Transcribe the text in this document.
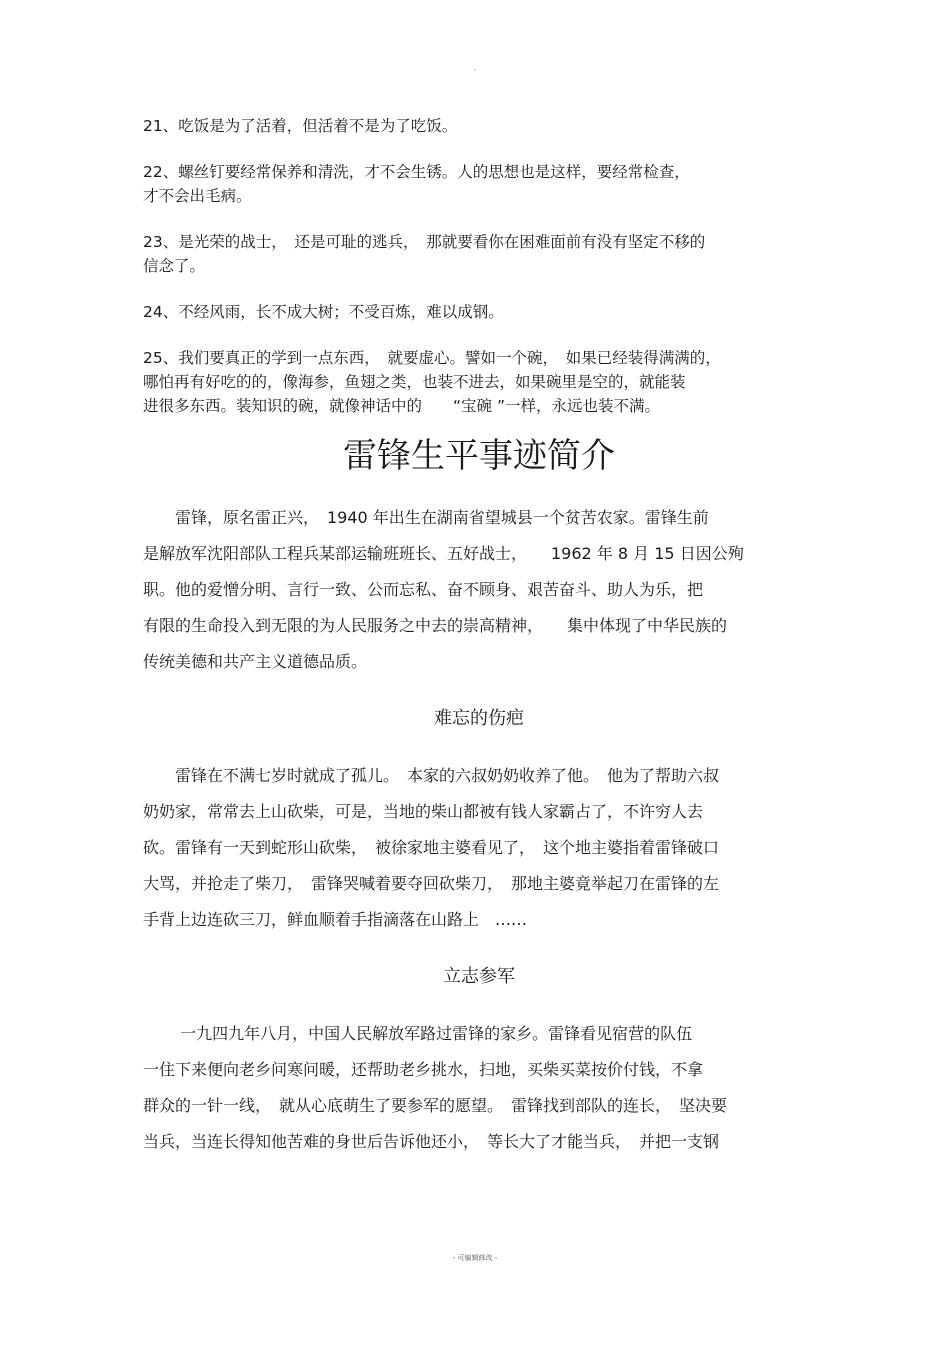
-
21、吃饭是为了活着，但活着不是为了吃饭。
22、螺丝钉要经常保养和清洗，才不会生锈。人的思想也是这样，要经常检查，
才不会出毛病。
23、是光荣的战士，　还是可耻的逃兵，　那就要看你在困难面前有没有坚定不移的
信念了。
24、不经风雨，长不成大树；不受百炼，难以成钢。
25、我们要真正的学到一点东西，　就要虚心。譬如一个碗，　如果已经装得满满的，
哪怕再有好吃的的，像海参，鱼翅之类，也装不进去，如果碗里是空的，就能装
进很多东西。装知识的碗，就像神话中的　　“宝碗 ”一样，永远也装不满。
雷锋生平事迹简介
　　雷锋，原名雷正兴，　1940 年出生在湖南省望城县一个贫苦农家。雷锋生前
是解放军沈阳部队工程兵某部运输班班长、五好战士，　　1962 年 8 月 15 日因公殉
职。他的爱憎分明、言行一致、公而忘私、奋不顾身、艰苦奋斗、助人为乐，把
有限的生命投入到无限的为人民服务之中去的崇高精神，　　集中体现了中华民族的
传统美德和共产主义道德品质。
难忘的伤疤
　　雷锋在不满七岁时就成了孤儿。　本家的六叔奶奶收养了他。　他为了帮助六叔
奶奶家，常常去上山砍柴，可是，当地的柴山都被有钱人家霸占了，不许穷人去
砍。雷锋有一天到蛇形山砍柴，　被徐家地主婆看见了，　这个地主婆指着雷锋破口
大骂，并抢走了柴刀，　雷锋哭喊着要夺回砍柴刀，　那地主婆竟举起刀在雷锋的左
手背上边连砍三刀，鲜血顺着手指滴落在山路上　……
立志参军
　　 一九四九年八月，中国人民解放军路过雷锋的家乡。雷锋看见宿营的队伍
一住下来便向老乡问寒问暖，还帮助老乡挑水，扫地，买柴买菜按价付钱，不拿
群众的一针一线，　就从心底萌生了要参军的愿望。　雷锋找到部队的连长，　坚决要
当兵，当连长得知他苦难的身世后告诉他还小，　等长大了才能当兵，　并把一支钢
- 可编辑修改 -
